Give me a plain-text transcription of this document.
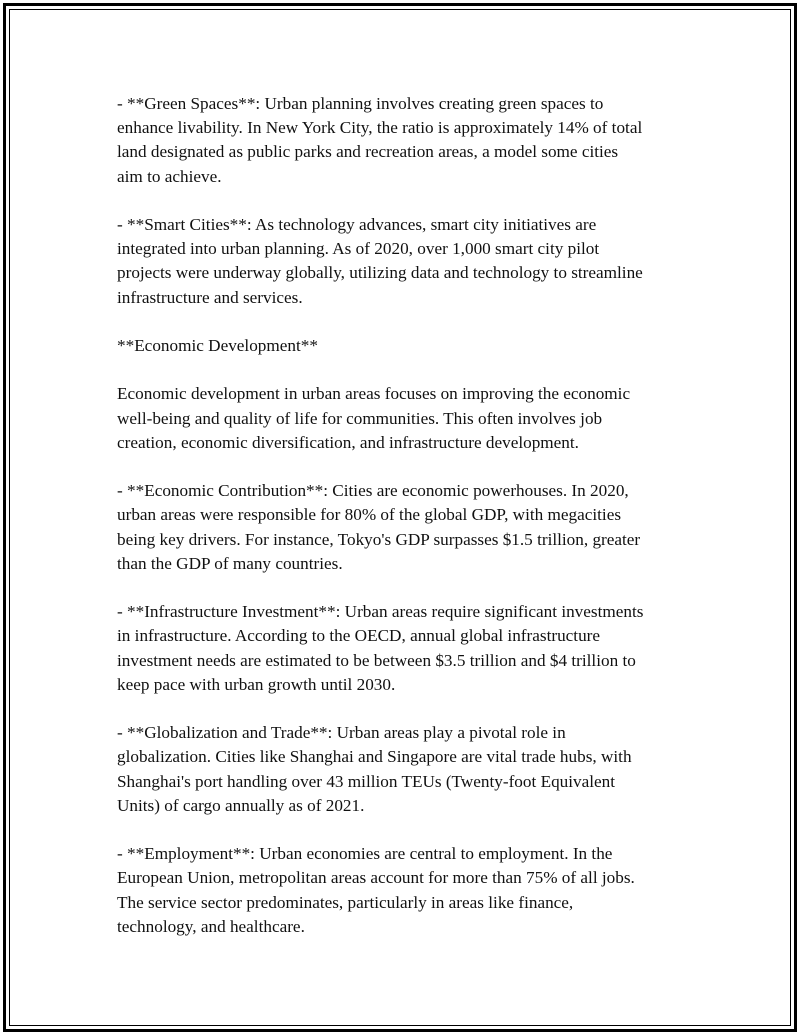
- **Green Spaces**: Urban planning involves creating green spaces to
enhance livability. In New York City, the ratio is approximately 14% of total
land designated as public parks and recreation areas, a model some cities
aim to achieve.

- **Smart Cities**: As technology advances, smart city initiatives are
integrated into urban planning. As of 2020, over 1,000 smart city pilot
projects were underway globally, utilizing data and technology to streamline
infrastructure and services.

**Economic Development**

Economic development in urban areas focuses on improving the economic
well-being and quality of life for communities. This often involves job
creation, economic diversification, and infrastructure development.

- **Economic Contribution**: Cities are economic powerhouses. In 2020,
urban areas were responsible for 80% of the global GDP, with megacities
being key drivers. For instance, Tokyo's GDP surpasses $1.5 trillion, greater
than the GDP of many countries.

- **Infrastructure Investment**: Urban areas require significant investments
in infrastructure. According to the OECD, annual global infrastructure
investment needs are estimated to be between $3.5 trillion and $4 trillion to
keep pace with urban growth until 2030.

- **Globalization and Trade**: Urban areas play a pivotal role in
globalization. Cities like Shanghai and Singapore are vital trade hubs, with
Shanghai's port handling over 43 million TEUs (Twenty-foot Equivalent
Units) of cargo annually as of 2021.

- **Employment**: Urban economies are central to employment. In the
European Union, metropolitan areas account for more than 75% of all jobs.
The service sector predominates, particularly in areas like finance,
technology, and healthcare.
